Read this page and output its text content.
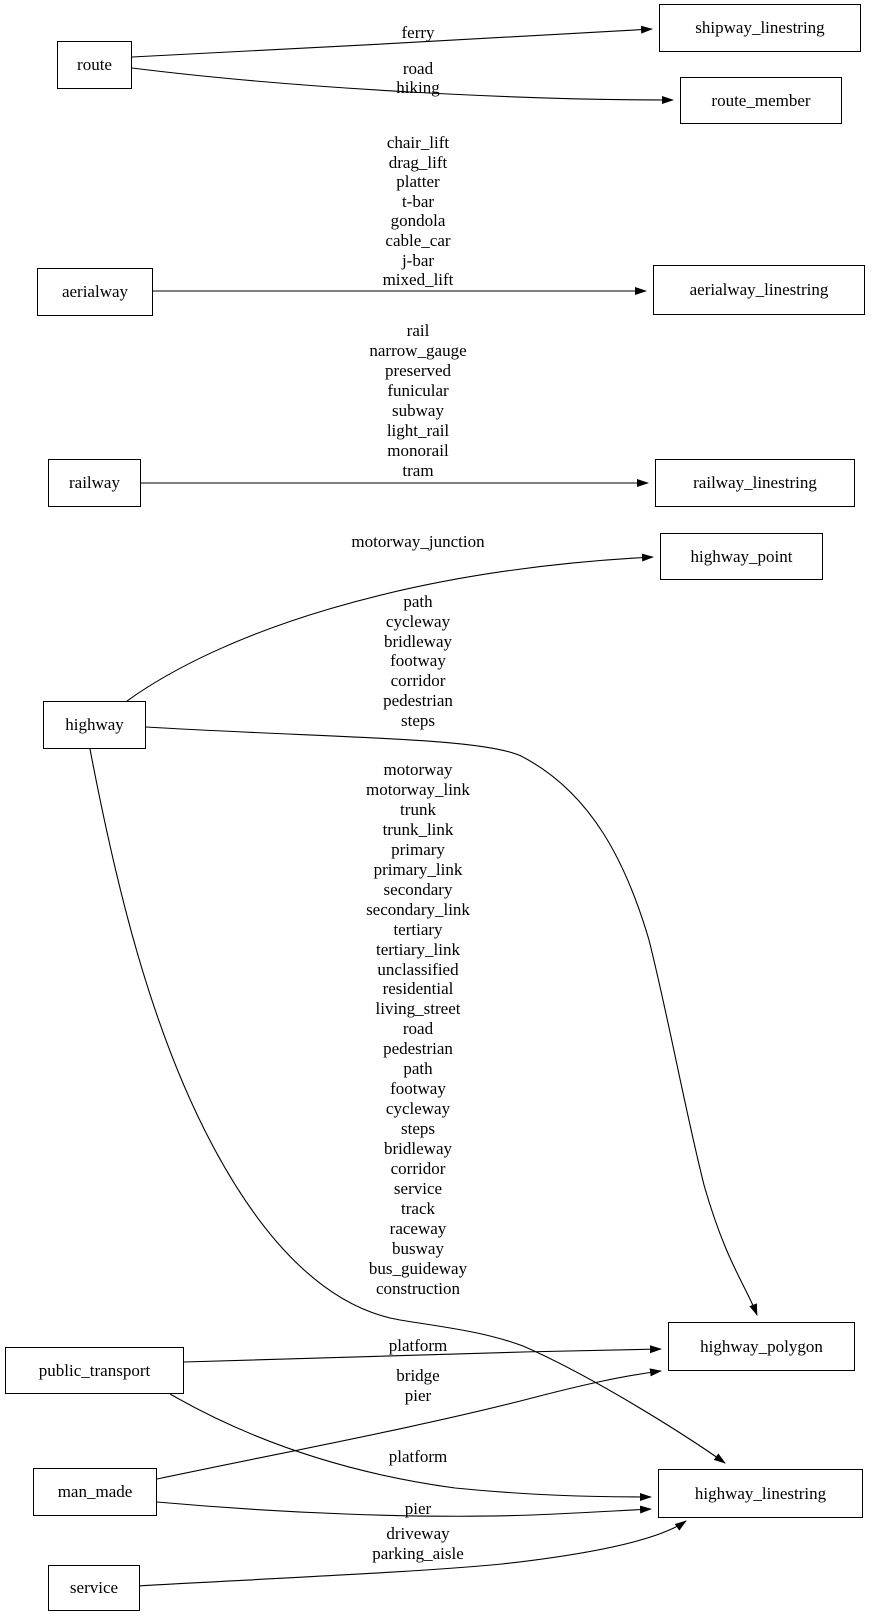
route
aerialway
railway
highway
public_transport
man_made
service
shipway_linestring
route_member
aerialway_linestring
railway_linestring
highway_point
highway_polygon
highway_linestring
ferry
road
hiking
chair_lift
drag_lift
platter
t-bar
gondola
cable_car
j-bar
mixed_lift
rail
narrow_gauge
preserved
funicular
subway
light_rail
monorail
tram
motorway_junction
path
cycleway
bridleway
footway
corridor
pedestrian
steps
motorway
motorway_link
trunk
trunk_link
primary
primary_link
secondary
secondary_link
tertiary
tertiary_link
unclassified
residential
living_street
road
pedestrian
path
footway
cycleway
steps
bridleway
corridor
service
track
raceway
busway
bus_guideway
construction
platform
platform
bridge
pier
pier
driveway
parking_aisle
